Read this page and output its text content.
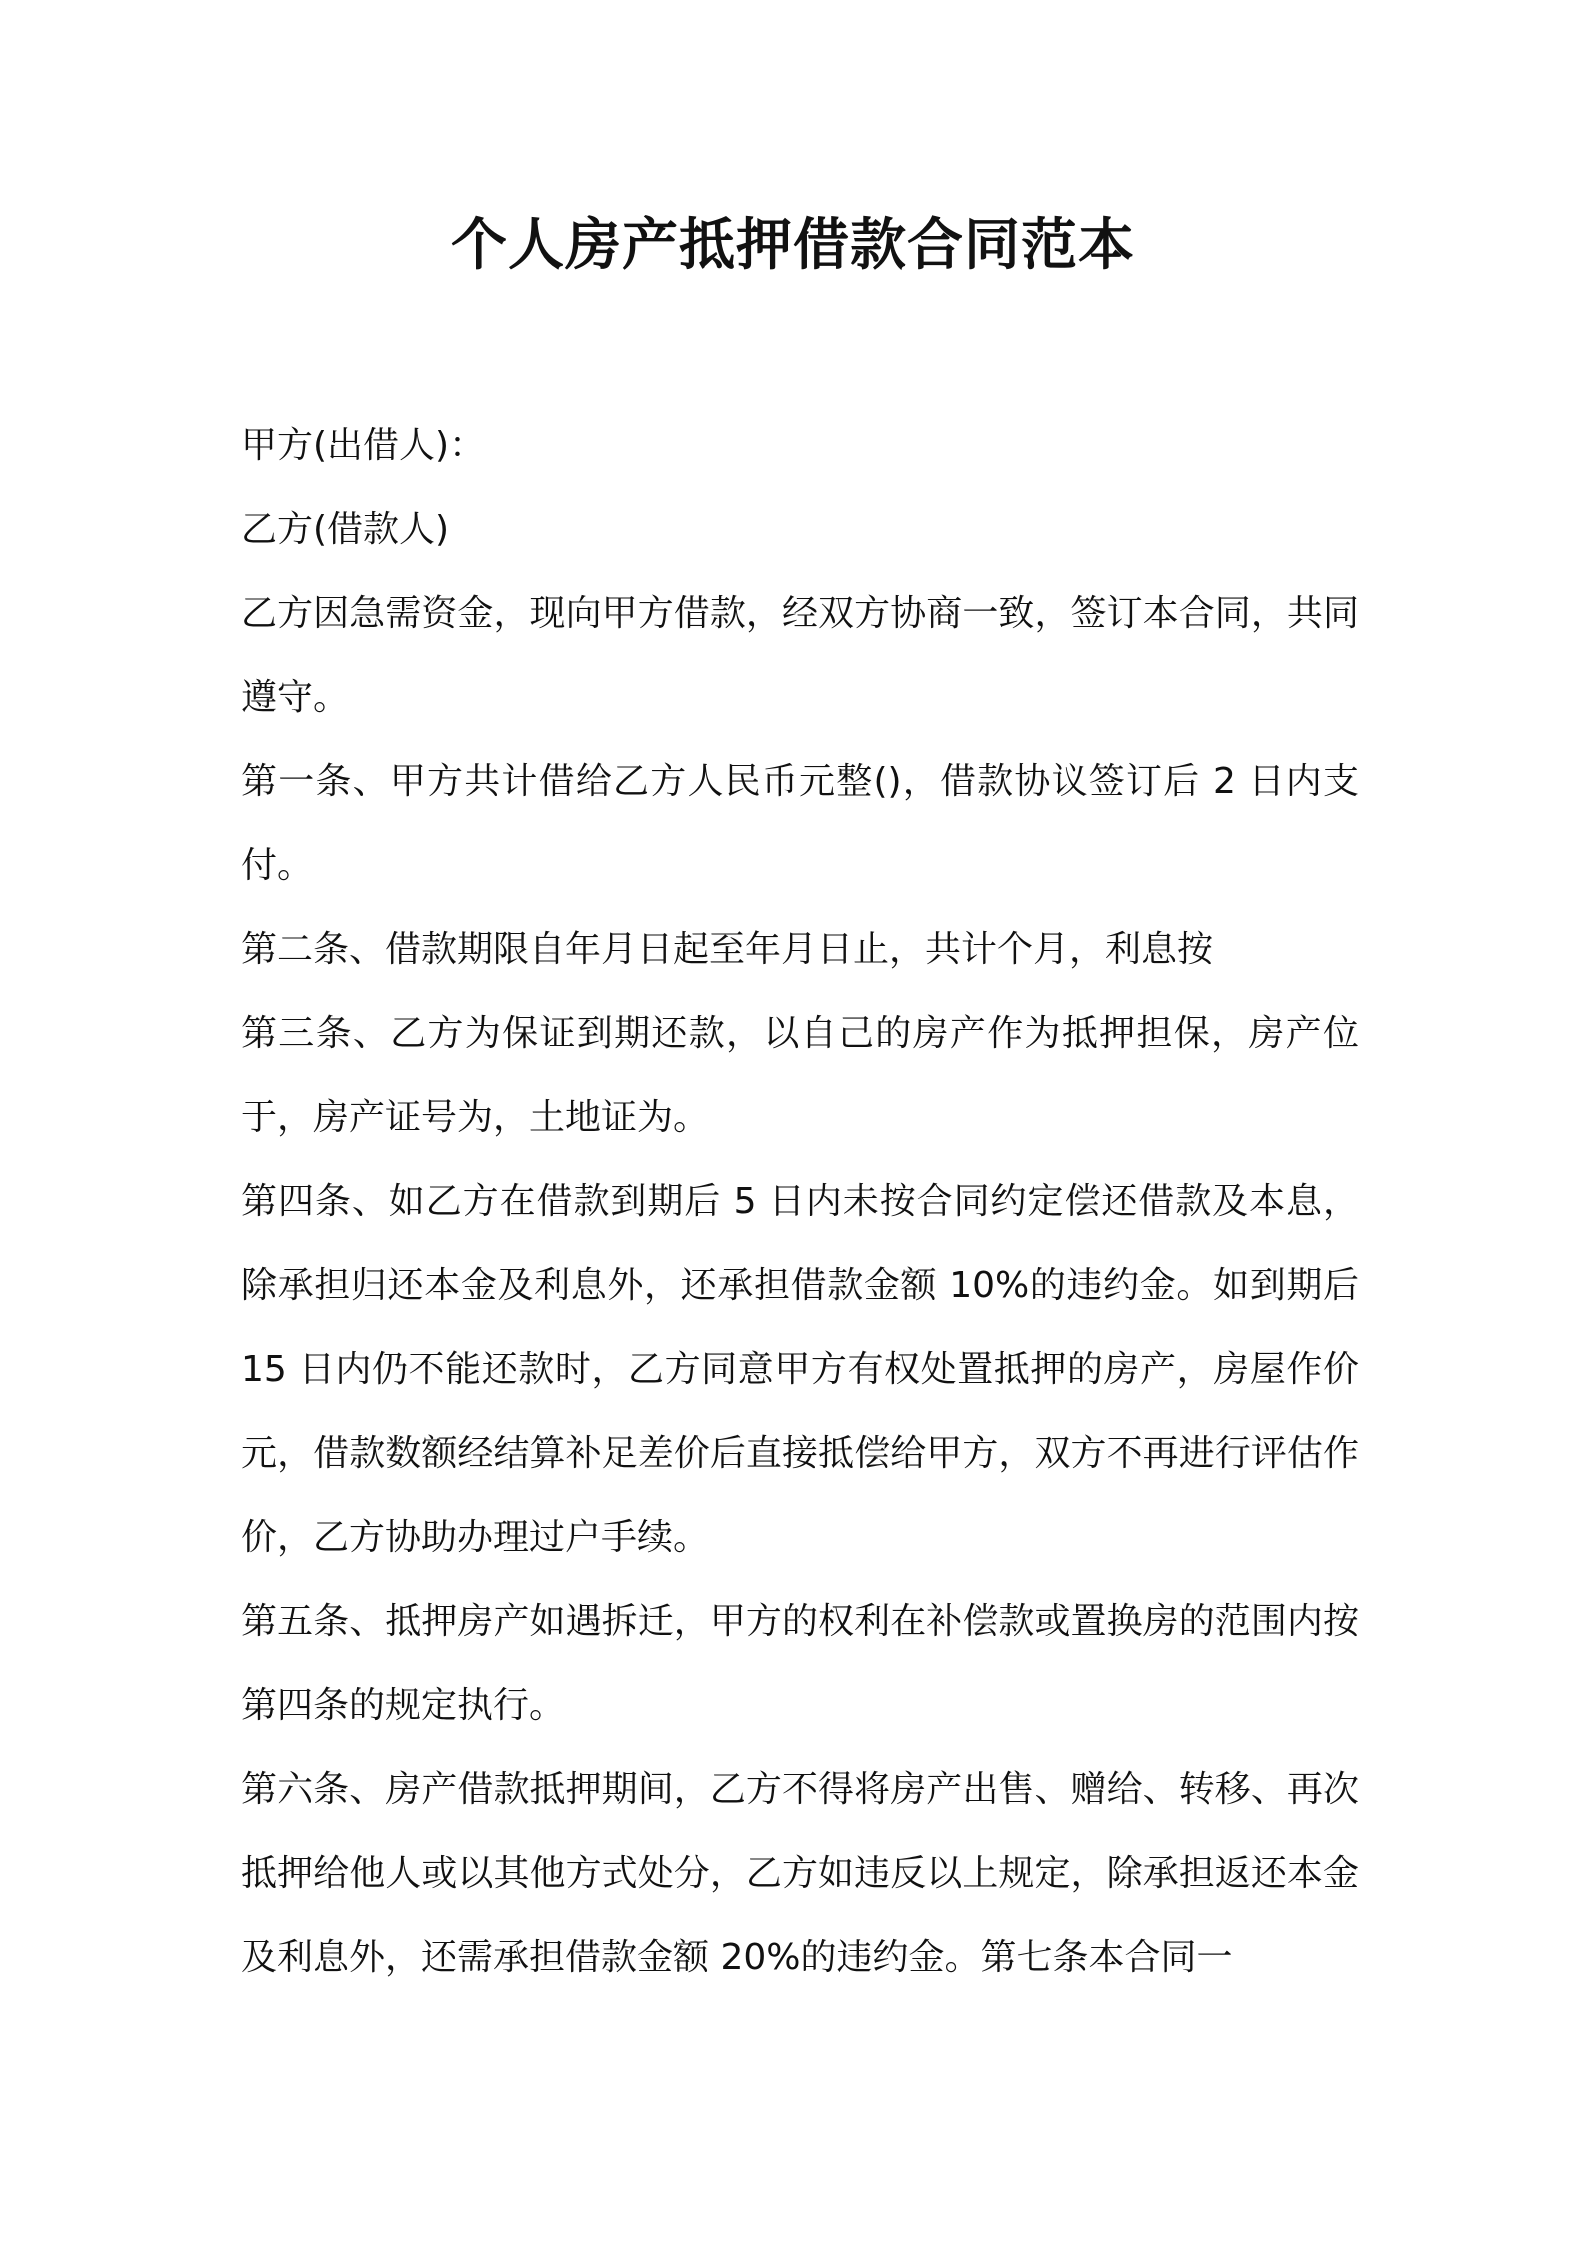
个人房产抵押借款合同范本

甲方(出借人)：

乙方(借款人)

乙方因急需资金，现向甲方借款，经双方协商一致，签订本合同，共同遵守。

第一条、甲方共计借给乙方人民币元整()，借款协议签订后 2 日内支付。

第二条、借款期限自年月日起至年月日止，共计个月，利息按

第三条、乙方为保证到期还款，以自己的房产作为抵押担保，房产位于，房产证号为，土地证为。

第四条、如乙方在借款到期后 5 日内未按合同约定偿还借款及本息，除承担归还本金及利息外，还承担借款金额 10%的违约金。如到期后 15 日内仍不能还款时，乙方同意甲方有权处置抵押的房产，房屋作价元，借款数额经结算补足差价后直接抵偿给甲方，双方不再进行评估作价，乙方协助办理过户手续。

第五条、抵押房产如遇拆迁，甲方的权利在补偿款或置换房的范围内按第四条的规定执行。

第六条、房产借款抵押期间，乙方不得将房产出售、赠给、转移、再次抵押给他人或以其他方式处分，乙方如违反以上规定，除承担返还本金及利息外，还需承担借款金额 20%的违约金。第七条本合同一
